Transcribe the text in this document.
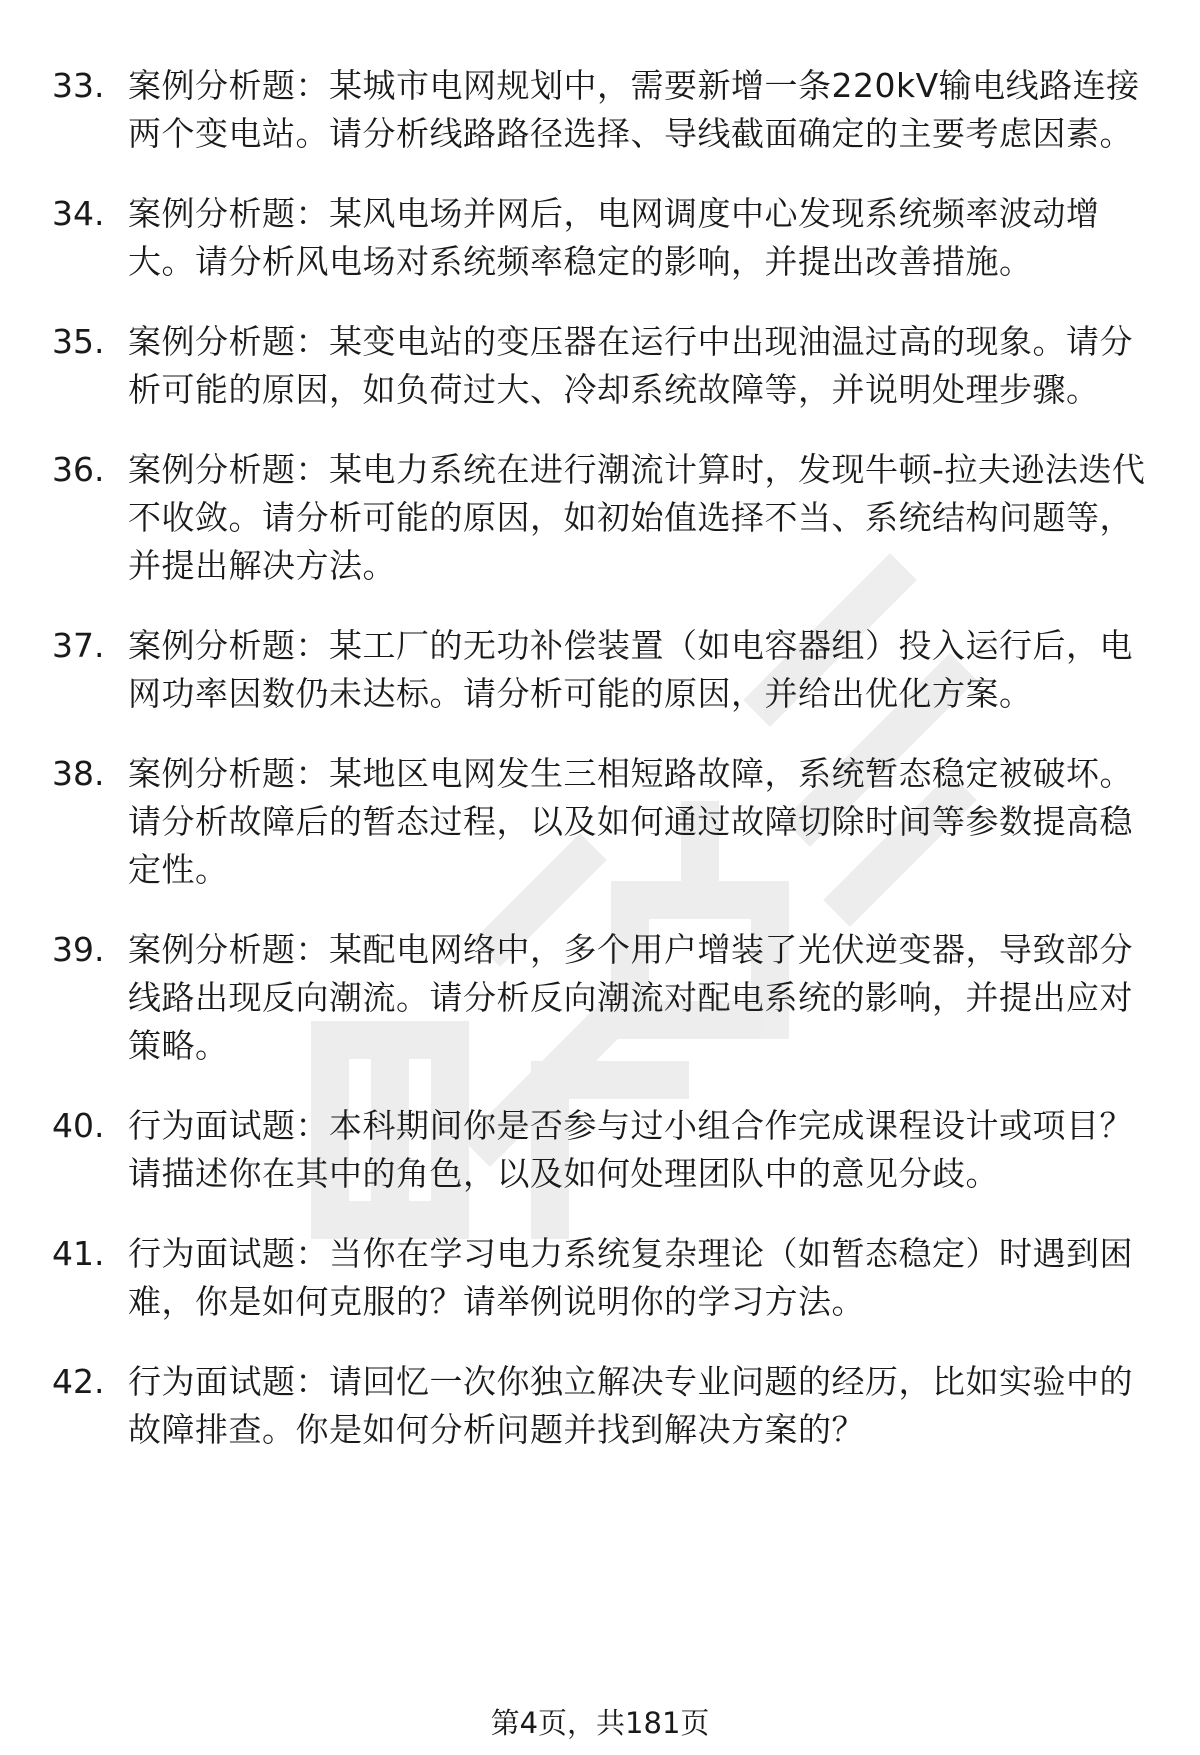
33. 案例分析题：某城市电网规划中，需要新增一条220kV输电线路连接两个变电站。请分析线路路径选择、导线截面确定的主要考虑因素。
34. 案例分析题：某风电场并网后，电网调度中心发现系统频率波动增大。请分析风电场对系统频率稳定的影响，并提出改善措施。
35. 案例分析题：某变电站的变压器在运行中出现油温过高的现象。请分析可能的原因，如负荷过大、冷却系统故障等，并说明处理步骤。
36. 案例分析题：某电力系统在进行潮流计算时，发现牛顿-拉夫逊法迭代不收敛。请分析可能的原因，如初始值选择不当、系统结构问题等，并提出解决方法。
37. 案例分析题：某工厂的无功补偿装置（如电容器组）投入运行后，电网功率因数仍未达标。请分析可能的原因，并给出优化方案。
38. 案例分析题：某地区电网发生三相短路故障，系统暂态稳定被破坏。请分析故障后的暂态过程，以及如何通过故障切除时间等参数提高稳定性。
39. 案例分析题：某配电网络中，多个用户增装了光伏逆变器，导致部分线路出现反向潮流。请分析反向潮流对配电系统的影响，并提出应对策略。
40. 行为面试题：本科期间你是否参与过小组合作完成课程设计或项目？请描述你在其中的角色，以及如何处理团队中的意见分歧。
41. 行为面试题：当你在学习电力系统复杂理论（如暂态稳定）时遇到困难，你是如何克服的？请举例说明你的学习方法。
42. 行为面试题：请回忆一次你独立解决专业问题的经历，比如实验中的故障排查。你是如何分析问题并找到解决方案的？
第4页，共181页
